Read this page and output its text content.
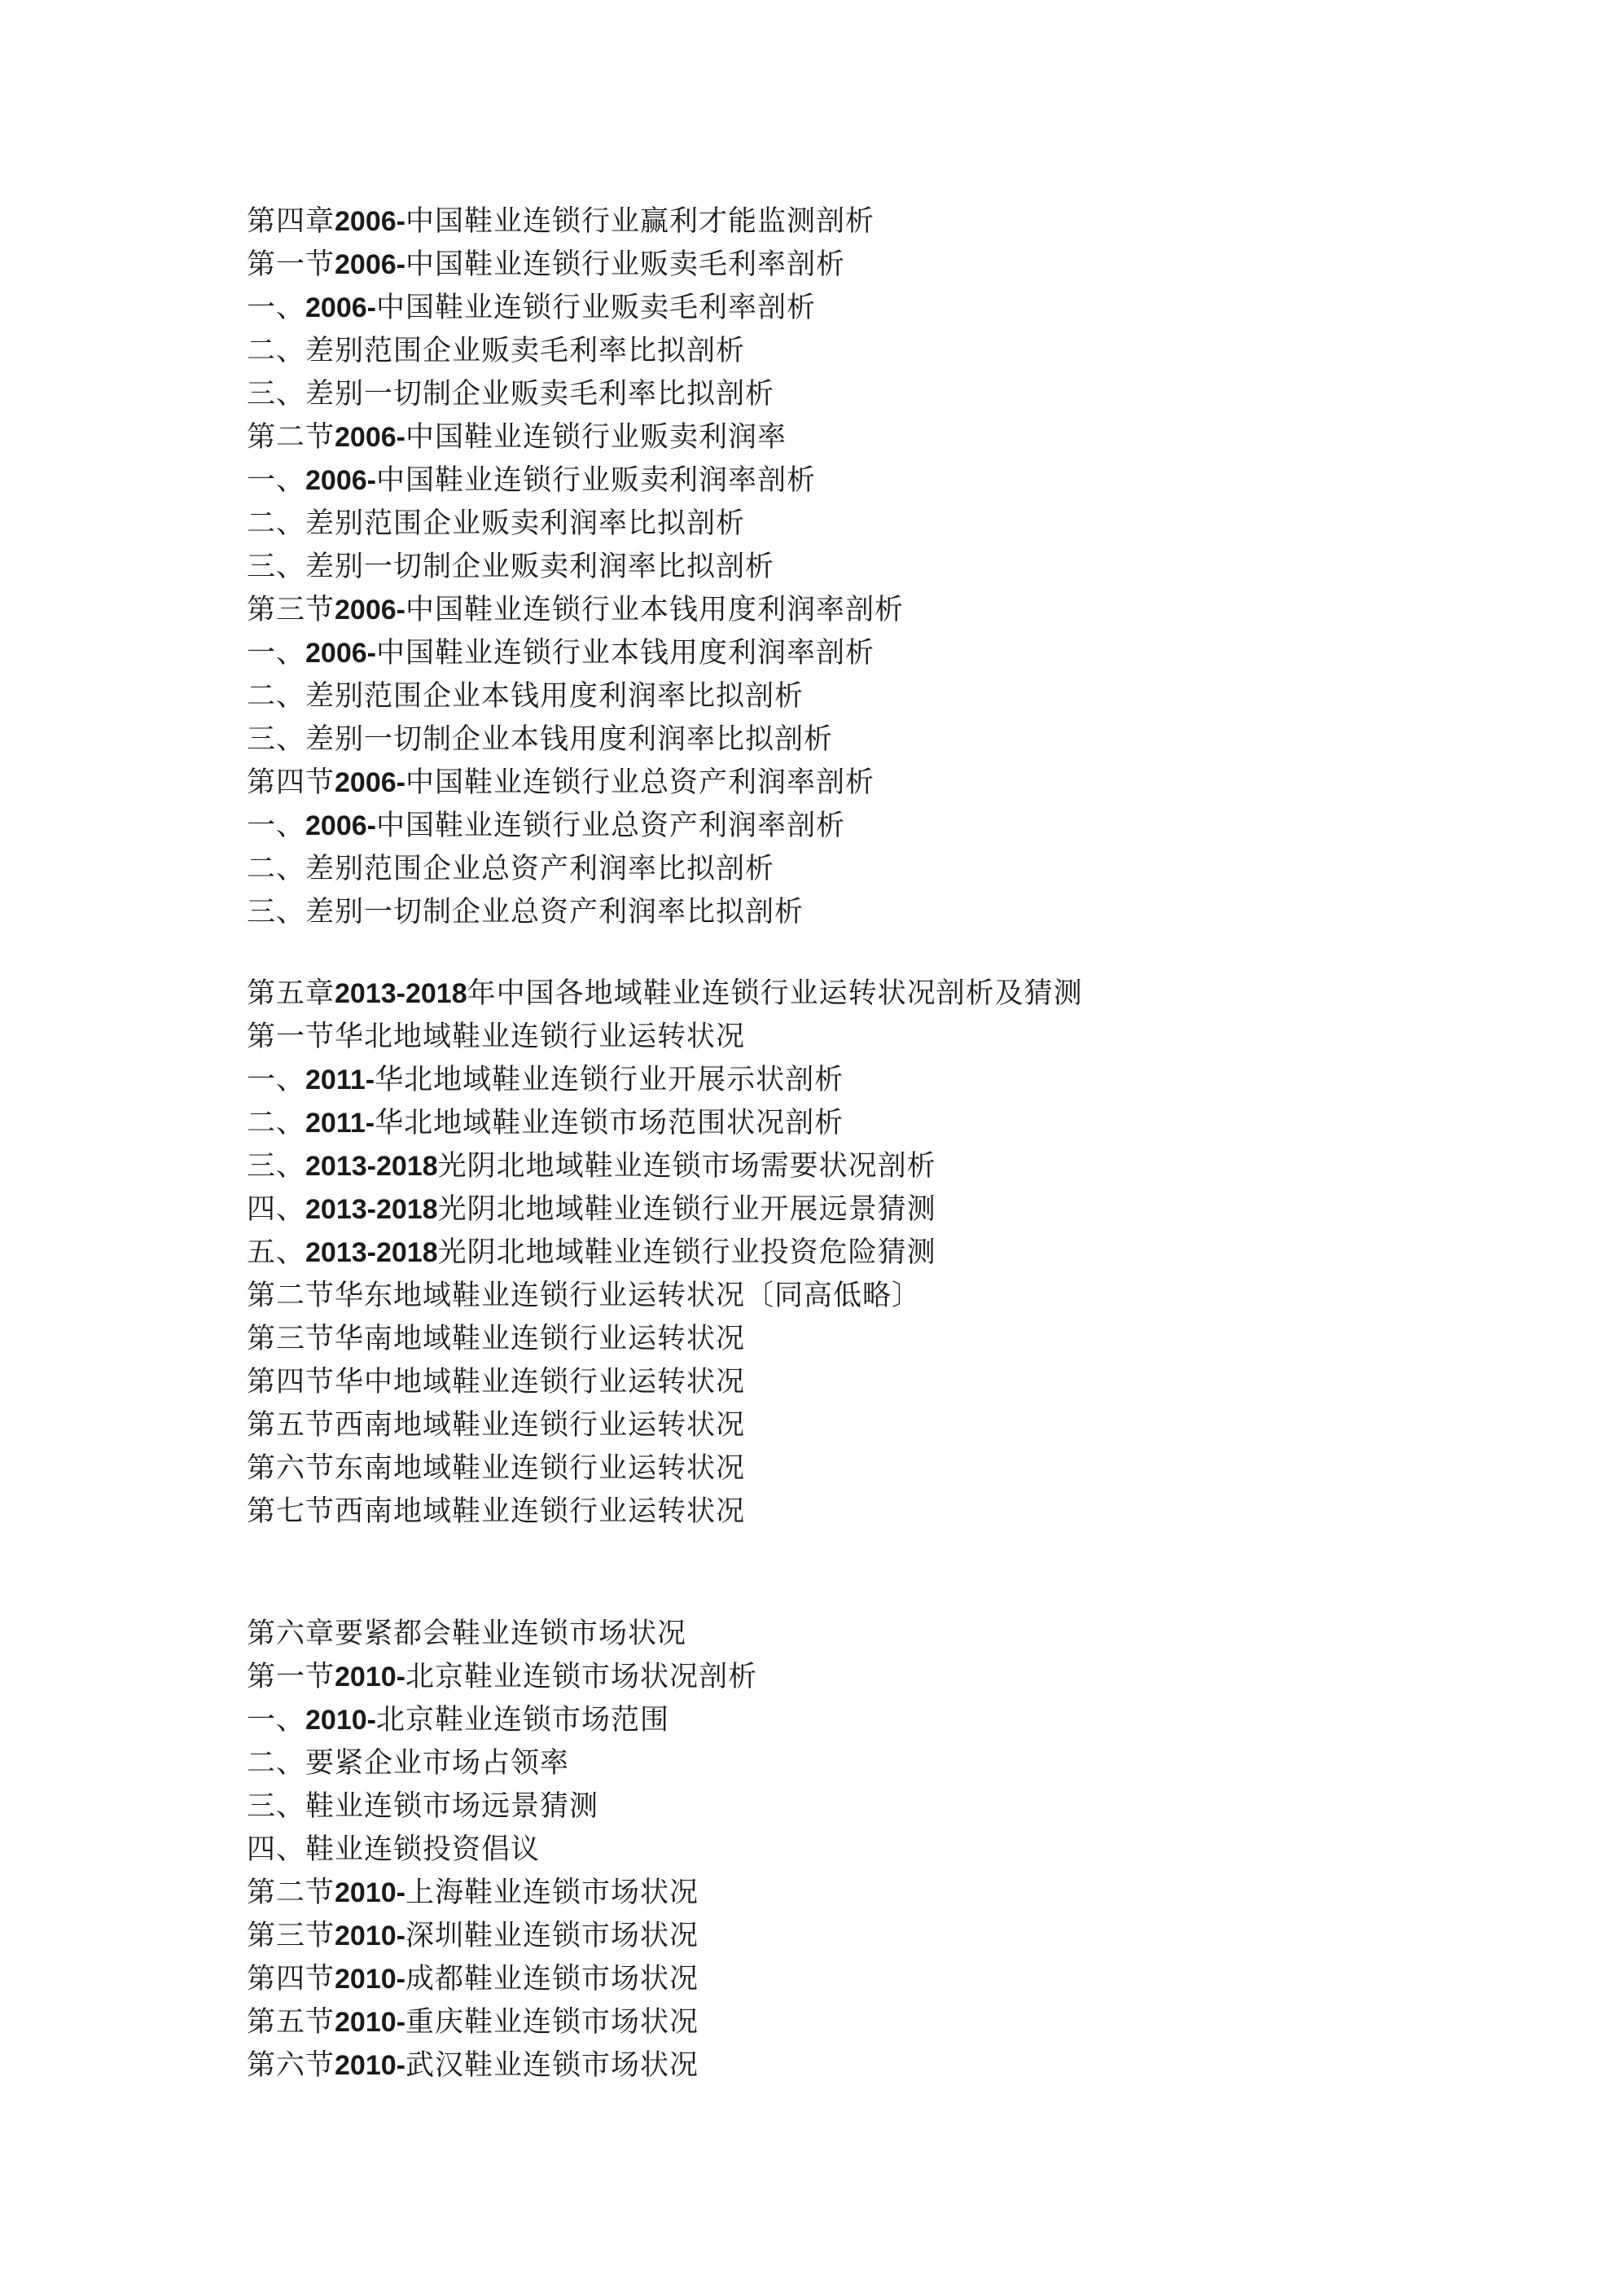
第四章2006-中国鞋业连锁行业赢利才能监测剖析
第一节2006-中国鞋业连锁行业贩卖毛利率剖析
一、2006-中国鞋业连锁行业贩卖毛利率剖析
二、差别范围企业贩卖毛利率比拟剖析
三、差别一切制企业贩卖毛利率比拟剖析
第二节2006-中国鞋业连锁行业贩卖利润率
一、2006-中国鞋业连锁行业贩卖利润率剖析
二、差别范围企业贩卖利润率比拟剖析
三、差别一切制企业贩卖利润率比拟剖析
第三节2006-中国鞋业连锁行业本钱用度利润率剖析
一、2006-中国鞋业连锁行业本钱用度利润率剖析
二、差别范围企业本钱用度利润率比拟剖析
三、差别一切制企业本钱用度利润率比拟剖析
第四节2006-中国鞋业连锁行业总资产利润率剖析
一、2006-中国鞋业连锁行业总资产利润率剖析
二、差别范围企业总资产利润率比拟剖析
三、差别一切制企业总资产利润率比拟剖析
第五章2013-2018年中国各地域鞋业连锁行业运转状况剖析及猜测
第一节华北地域鞋业连锁行业运转状况
一、2011-华北地域鞋业连锁行业开展示状剖析
二、2011-华北地域鞋业连锁市场范围状况剖析
三、2013-2018光阴北地域鞋业连锁市场需要状况剖析
四、2013-2018光阴北地域鞋业连锁行业开展远景猜测
五、2013-2018光阴北地域鞋业连锁行业投资危险猜测
第二节华东地域鞋业连锁行业运转状况〔同高低略〕
第三节华南地域鞋业连锁行业运转状况
第四节华中地域鞋业连锁行业运转状况
第五节西南地域鞋业连锁行业运转状况
第六节东南地域鞋业连锁行业运转状况
第七节西南地域鞋业连锁行业运转状况
第六章要紧都会鞋业连锁市场状况
第一节2010-北京鞋业连锁市场状况剖析
一、2010-北京鞋业连锁市场范围
二、要紧企业市场占领率
三、鞋业连锁市场远景猜测
四、鞋业连锁投资倡议
第二节2010-上海鞋业连锁市场状况
第三节2010-深圳鞋业连锁市场状况
第四节2010-成都鞋业连锁市场状况
第五节2010-重庆鞋业连锁市场状况
第六节2010-武汉鞋业连锁市场状况
